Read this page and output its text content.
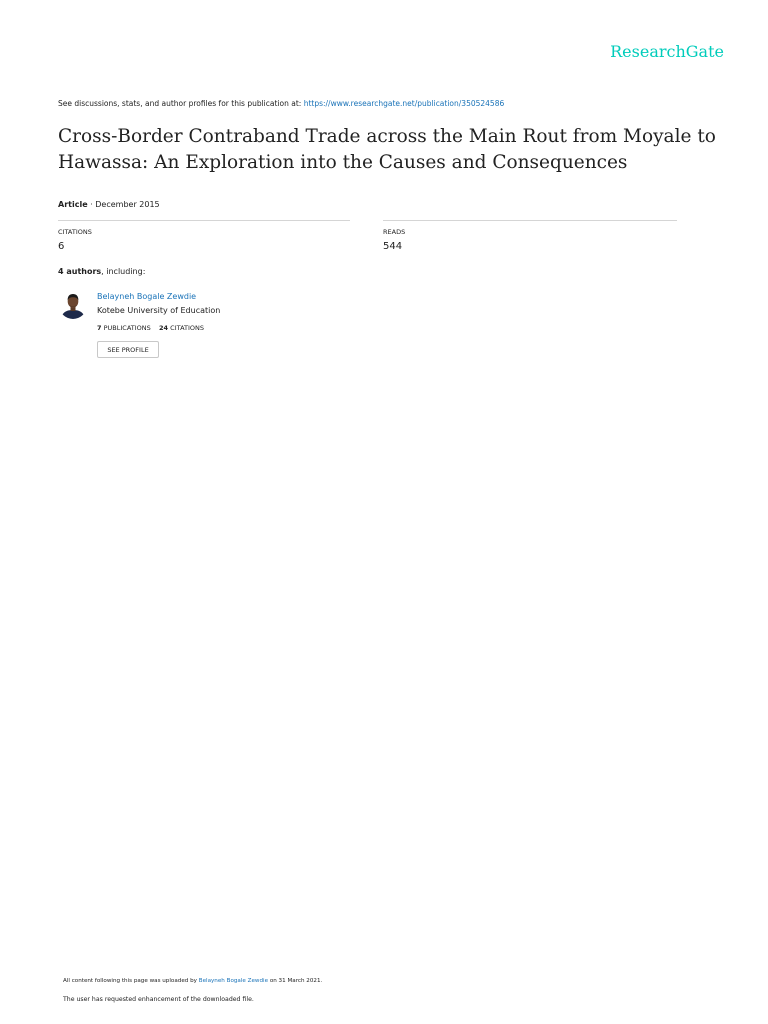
ResearchGate
See discussions, stats, and author profiles for this publication at: https://www.researchgate.net/publication/350524586
Cross-Border Contraband Trade across the Main Rout from Moyale to Hawassa: An Exploration into the Causes and Consequences
Article · December 2015
CITATIONS
6
READS
544
4 authors, including:
Belayneh Bogale Zewdie
Kotebe University of Education
7 PUBLICATIONS 24 CITATIONS
SEE PROFILE
All content following this page was uploaded by Belayneh Bogale Zewdie on 31 March 2021.
The user has requested enhancement of the downloaded file.
